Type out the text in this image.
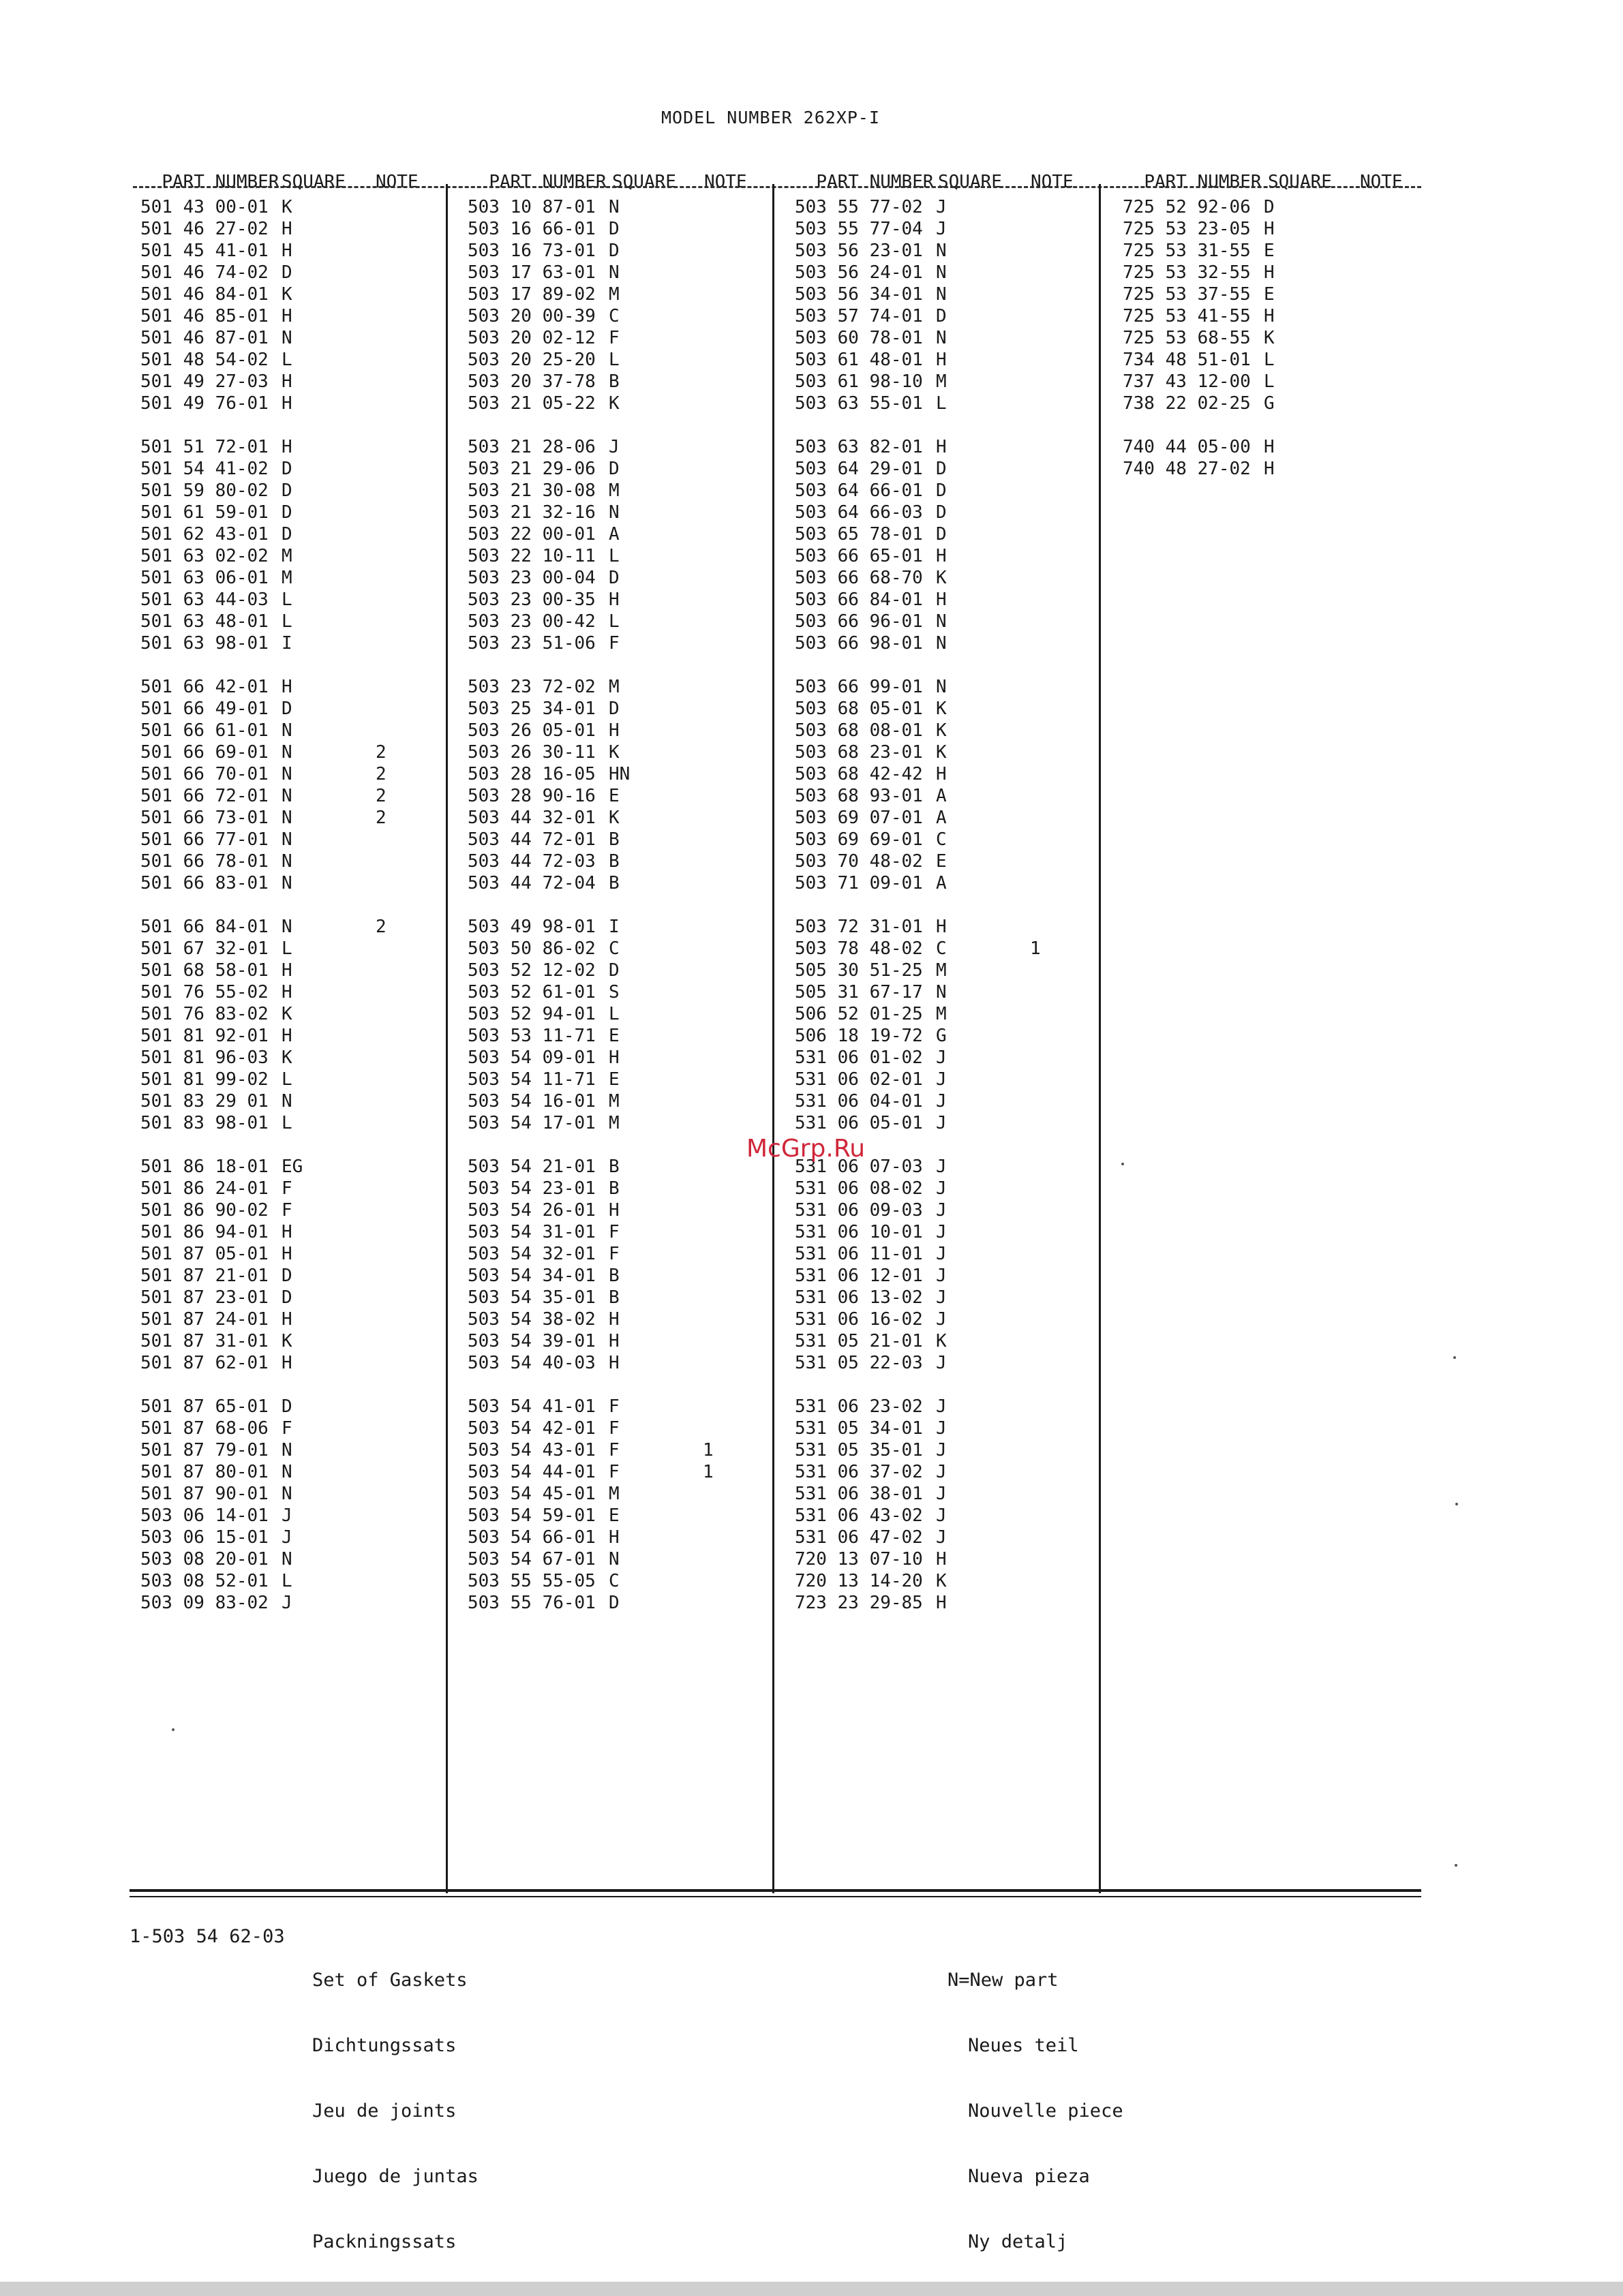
MODEL NUMBER 262XP-I

PART NUMBER SQUARE NOTE	PART NUMBER SQUARE NOTE	PART NUMBER SQUARE NOTE	PART NUMBER SQUARE NOTE

501 43 00-01 K
501 46 27-02 H
501 45 41-01 H
501 46 74-02 D
501 46 84-01 K
501 46 85-01 H
501 46 87-01 N
501 48 54-02 L
501 49 27-03 H
501 49 76-01 H
501 51 72-01 H
501 54 41-02 D
501 59 80-02 D
501 61 59-01 D
501 62 43-01 D
501 63 02-02 M
501 63 06-01 M
501 63 44-03 L
501 63 48-01 L
501 63 98-01 I
501 66 42-01 H
501 66 49-01 D
501 66 61-01 N
501 66 69-01 N	2
501 66 70-01 N	2
501 66 72-01 N	2
501 66 73-01 N	2
501 66 77-01 N
501 66 78-01 N
501 66 83-01 N
501 66 84-01 N	2
501 67 32-01 L
501 68 58-01 H
501 76 55-02 H
501 76 83-02 K
501 81 92-01 H
501 81 96-03 K
501 81 99-02 L
501 83 29 01 N
501 83 98-01 L
501 86 18-01 EG
501 86 24-01 F
501 86 90-02 F
501 86 94-01 H
501 87 05-01 H
501 87 21-01 D
501 87 23-01 D
501 87 24-01 H
501 87 31-01 K
501 87 62-01 H
501 87 65-01 D
501 87 68-06 F
501 87 79-01 N
501 87 80-01 N
501 87 90-01 N
503 06 14-01 J
503 06 15-01 J
503 08 20-01 N
503 08 52-01 L
503 09 83-02 J
503 10 87-01 N
503 16 66-01 D
503 16 73-01 D
503 17 63-01 N
503 17 89-02 M
503 20 00-39 C
503 20 02-12 F
503 20 25-20 L
503 20 37-78 B
503 21 05-22 K
503 21 28-06 J
503 21 29-06 D
503 21 30-08 M
503 21 32-16 N
503 22 00-01 A
503 22 10-11 L
503 23 00-04 D
503 23 00-35 H
503 23 00-42 L
503 23 51-06 F
503 23 72-02 M
503 25 34-01 D
503 26 05-01 H
503 26 30-11 K
503 28 16-05 HN
503 28 90-16 E
503 44 32-01 K
503 44 72-01 B
503 44 72-03 B
503 44 72-04 B
503 49 98-01 I
503 50 86-02 C
503 52 12-02 D
503 52 61-01 S
503 52 94-01 L
503 53 11-71 E
503 54 09-01 H
503 54 11-71 E
503 54 16-01 M
503 54 17-01 M
503 54 21-01 B
503 54 23-01 B
503 54 26-01 H
503 54 31-01 F
503 54 32-01 F
503 54 34-01 B
503 54 35-01 B
503 54 38-02 H
503 54 39-01 H
503 54 40-03 H
503 54 41-01 F
503 54 42-01 F
503 54 43-01 F	1
503 54 44-01 F	1
503 54 45-01 M
503 54 59-01 E
503 54 66-01 H
503 54 67-01 N
503 55 55-05 C
503 55 76-01 D
503 55 77-02 J
503 55 77-04 J
503 56 23-01 N
503 56 24-01 N
503 56 34-01 N
503 57 74-01 D
503 60 78-01 N
503 61 48-01 H
503 61 98-10 M
503 63 55-01 L
503 63 82-01 H
503 64 29-01 D
503 64 66-01 D
503 64 66-03 D
503 65 78-01 D
503 66 65-01 H
503 66 68-70 K
503 66 84-01 H
503 66 96-01 N
503 66 98-01 N
503 66 99-01 N
503 68 05-01 K
503 68 08-01 K
503 68 23-01 K
503 68 42-42 H
503 68 93-01 A
503 69 07-01 A
503 69 69-01 C
503 70 48-02 E
503 71 09-01 A
503 72 31-01 H
503 78 48-02 C	1
505 30 51-25 M
505 31 67-17 N
506 52 01-25 M
506 18 19-72 G
531 06 01-02 J
531 06 02-01 J
531 06 04-01 J
531 06 05-01 J
531 06 07-03 J
531 06 08-02 J
531 06 09-03 J
531 06 10-01 J
531 06 11-01 J
531 06 12-01 J
531 06 13-02 J
531 06 16-02 J
531 05 21-01 K
531 05 22-03 J
531 06 23-02 J
531 05 34-01 J
531 05 35-01 J
531 06 37-02 J
531 06 38-01 J
531 06 43-02 J
531 06 47-02 J
720 13 07-10 H
720 13 14-20 K
723 23 29-85 H
725 52 92-06 D
725 53 23-05 H
725 53 31-55 E
725 53 32-55 H
725 53 37-55 E
725 53 41-55 H
725 53 68-55 K
734 48 51-01 L
737 43 12-00 L
738 22 02-25 G
740 44 05-00 H
740 48 27-02 H
McGrp.Ru
1-503 54 62-03

Set of Gaskets

Dichtungssats

Jeu de joints

Juego de juntas

Packningssats

N=New part

Neues teil

Nouvelle piece

Nueva pieza

Ny detalj
